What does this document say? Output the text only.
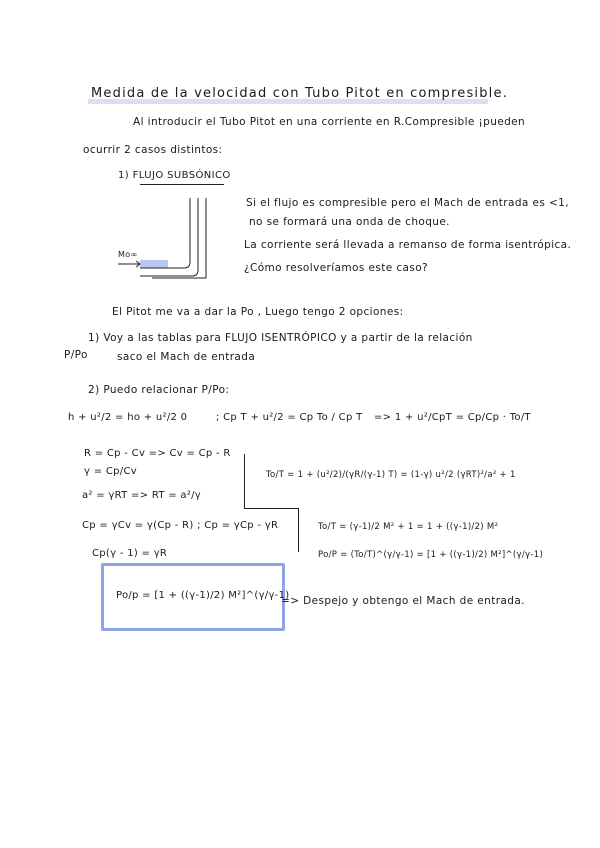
Medida de la velocidad con Tubo Pitot en compresible.
Al introducir el Tubo Pitot en una corriente en R.Compresible ¡pueden
ocurrir 2 casos distintos:
1) FLUJO SUBSÓNICO
Mo∞
Si el flujo es compresible pero el Mach de entrada es <1,
no se formará una onda de choque.
La corriente será llevada a remanso de forma isentrópica.
¿Cómo resolveríamos este caso?
El Pitot me va a dar la Po , Luego tengo 2 opciones:
1) Voy a las tablas para FLUJO ISENTRÓPICO y a partir de la relación
P/Po	saco el Mach de entrada
2) Puedo relacionar P/Po:
h + u²/2 = ho + u²/2 0	; Cp T + u²/2 = Cp To / Cp T => 1 + u²/CpT = Cp/Cp · To/T
R = Cp - Cv => Cv = Cp - R
γ = Cp/Cv
a² = γRT => RT = a²/γ
Cp = γCv = γ(Cp - R) ; Cp = γCp - γR
Cp(γ - 1) = γR
To/T = 1 + (u²/2)/(γR/(γ-1) T) = (1-γ) u²/2 (γRT)²/a² + 1
To/T = (γ-1)/2 M² + 1 = 1 + ((γ-1)/2) M²
Po/P = (To/T)^(γ/γ-1) = [1 + ((γ-1)/2) M²]^(γ/γ-1)
Po/p = [1 + ((γ-1)/2) M²]^(γ/γ-1)
=> Despejo y obtengo el Mach de entrada.
